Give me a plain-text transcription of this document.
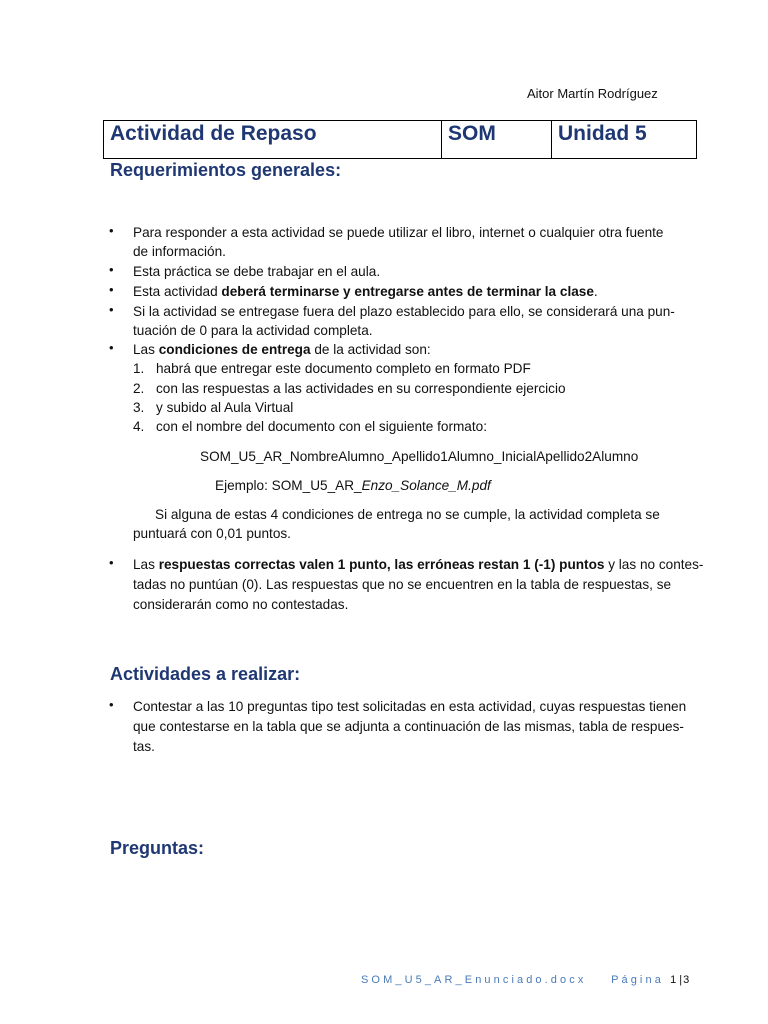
Aitor Martín Rodríguez
Actividad de Repaso	SOM	Unidad 5
Requerimientos generales:
• Para responder a esta actividad se puede utilizar el libro, internet o cualquier otra fuente
de información.
• Esta práctica se debe trabajar en el aula.
• Esta actividad deberá terminarse y entregarse antes de terminar la clase.
• Si la actividad se entregase fuera del plazo establecido para ello, se considerará una pun-
tuación de 0 para la actividad completa.
• Las condiciones de entrega de la actividad son:
1. habrá que entregar este documento completo en formato PDF
2. con las respuestas a las actividades en su correspondiente ejercicio
3. y subido al Aula Virtual
4. con el nombre del documento con el siguiente formato:
SOM_U5_AR_NombreAlumno_Apellido1Alumno_InicialApellido2Alumno
Ejemplo: SOM_U5_AR_Enzo_Solance_M.pdf
Si alguna de estas 4 condiciones de entrega no se cumple, la actividad completa se
puntuará con 0,01 puntos.
• Las respuestas correctas valen 1 punto, las erróneas restan 1 (-1) puntos y las no contes-
tadas no puntúan (0). Las respuestas que no se encuentren en la tabla de respuestas, se
considerarán como no contestadas.
Actividades a realizar:
• Contestar a las 10 preguntas tipo test solicitadas en esta actividad, cuyas respuestas tienen
que contestarse en la tabla que se adjunta a continuación de las mismas, tabla de respues-
tas.
Preguntas:
SOM_U5_AR_Enunciado.docx Página 1|3
